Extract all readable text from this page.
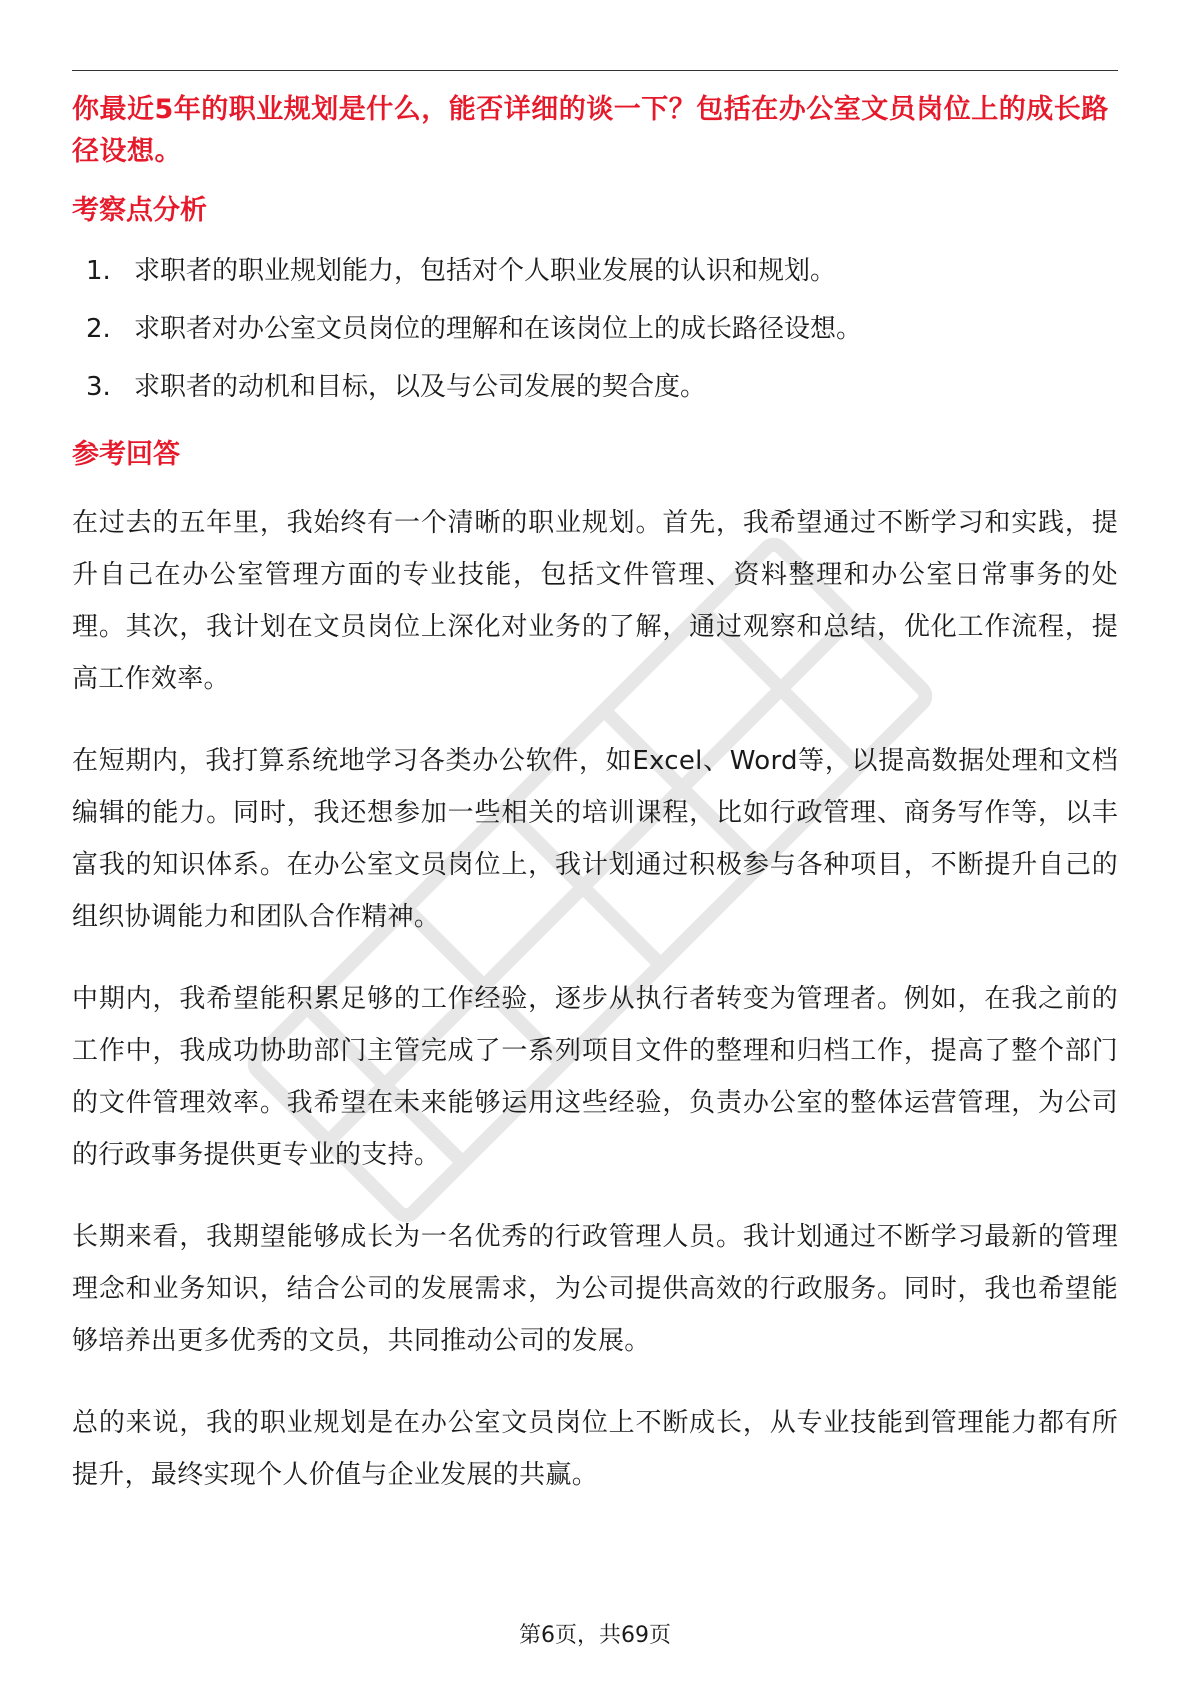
你最近5年的职业规划是什么，能否详细的谈一下？包括在办公室文员岗位上的成长路径设想。
考察点分析
1. 求职者的职业规划能力，包括对个人职业发展的认识和规划。
2. 求职者对办公室文员岗位的理解和在该岗位上的成长路径设想。
3. 求职者的动机和目标，以及与公司发展的契合度。
参考回答

在过去的五年里，我始终有一个清晰的职业规划。首先，我希望通过不断学习和实践，提升自己在办公室管理方面的专业技能，包括文件管理、资料整理和办公室日常事务的处理。其次，我计划在文员岗位上深化对业务的了解，通过观察和总结，优化工作流程，提高工作效率。

在短期内，我打算系统地学习各类办公软件，如Excel、Word等，以提高数据处理和文档编辑的能力。同时，我还想参加一些相关的培训课程，比如行政管理、商务写作等，以丰富我的知识体系。在办公室文员岗位上，我计划通过积极参与各种项目，不断提升自己的组织协调能力和团队合作精神。

中期内，我希望能积累足够的工作经验，逐步从执行者转变为管理者。例如，在我之前的工作中，我成功协助部门主管完成了一系列项目文件的整理和归档工作，提高了整个部门的文件管理效率。我希望在未来能够运用这些经验，负责办公室的整体运营管理，为公司的行政事务提供更专业的支持。

长期来看，我期望能够成长为一名优秀的行政管理人员。我计划通过不断学习最新的管理理念和业务知识，结合公司的发展需求，为公司提供高效的行政服务。同时，我也希望能够培养出更多优秀的文员，共同推动公司的发展。

总的来说，我的职业规划是在办公室文员岗位上不断成长，从专业技能到管理能力都有所提升，最终实现个人价值与企业发展的共赢。

第6页，共69页
